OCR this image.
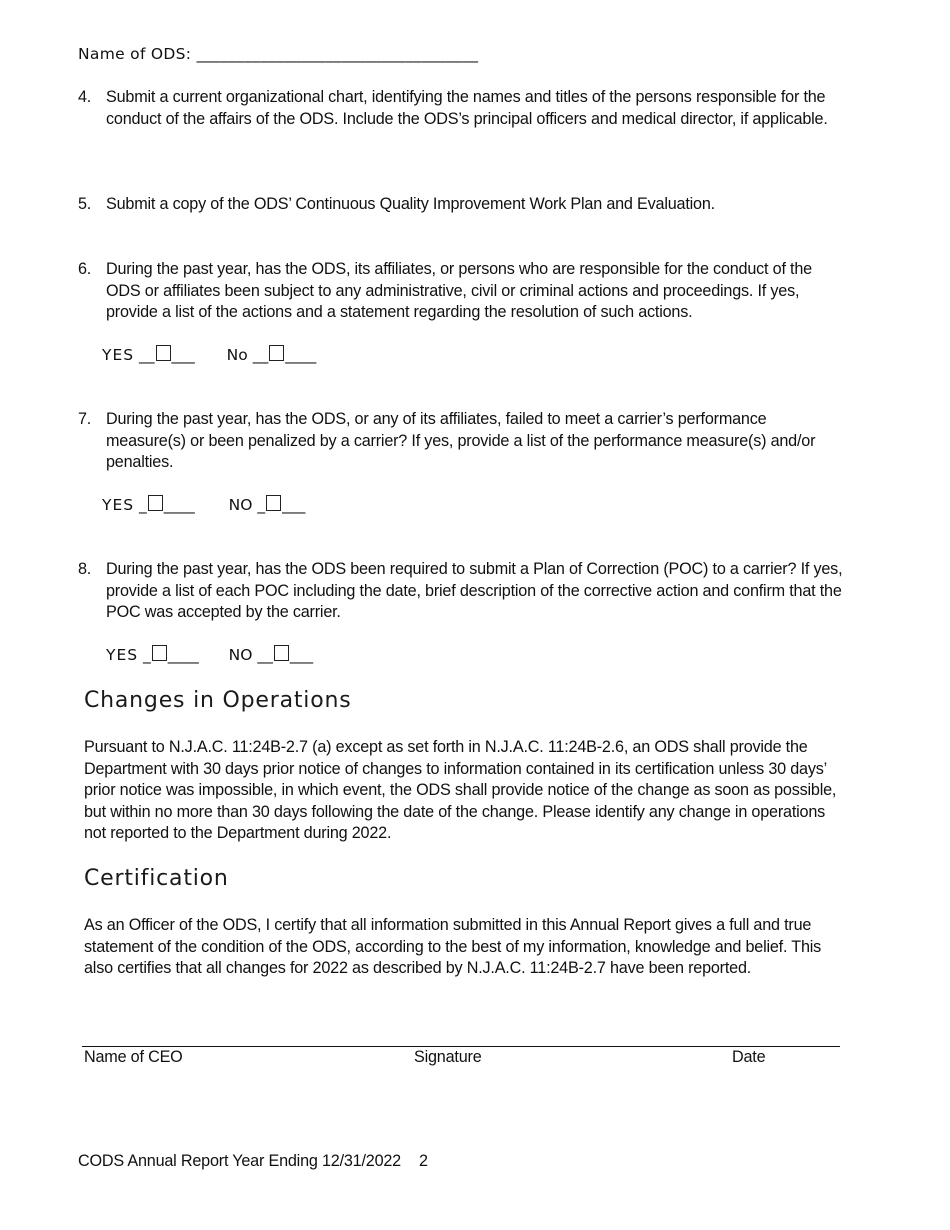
Name of ODS: ___________________________________
4. Submit a current organizational chart, identifying the names and titles of the persons responsible for the conduct of the affairs of the ODS. Include the ODS’s principal officers and medical director, if applicable.
5. Submit a copy of the ODS’ Continuous Quality Improvement Work Plan and Evaluation.
6. During the past year, has the ODS, its affiliates, or persons who are responsible for the conduct of the ODS or affiliates been subject to any administrative, civil or criminal actions and proceedings. If yes, provide a list of the actions and a statement regarding the resolution of such actions.
YES __ ___ No __ ____
7. During the past year, has the ODS, or any of its affiliates, failed to meet a carrier’s performance measure(s) or been penalized by a carrier? If yes, provide a list of the performance measure(s) and/or penalties.
YES _ ____ NO _ ___
8. During the past year, has the ODS been required to submit a Plan of Correction (POC) to a carrier? If yes, provide a list of each POC including the date, brief description of the corrective action and confirm that the POC was accepted by the carrier.
YES _ ____ NO __ ___
Changes in Operations
Pursuant to N.J.A.C. 11:24B-2.7 (a) except as set forth in N.J.A.C. 11:24B-2.6, an ODS shall provide the Department with 30 days prior notice of changes to information contained in its certification unless 30 days’ prior notice was impossible, in which event, the ODS shall provide notice of the change as soon as possible, but within no more than 30 days following the date of the change. Please identify any change in operations not reported to the Department during 2022.
Certification
As an Officer of the ODS, I certify that all information submitted in this Annual Report gives a full and true statement of the condition of the ODS, according to the best of my information, knowledge and belief. This also certifies that all changes for 2022 as described by N.J.A.C. 11:24B-2.7 have been reported.
Name of CEO	Signature	Date
CODS Annual Report Year Ending 12/31/2022 2
